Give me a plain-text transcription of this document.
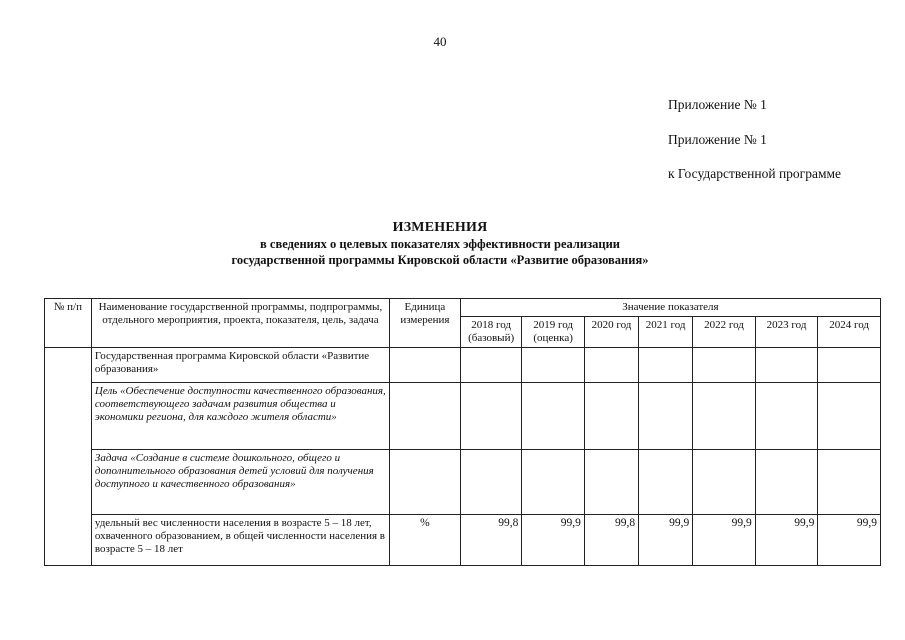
40
Приложение № 1
Приложение № 1
к Государственной программе
ИЗМЕНЕНИЯ
в сведениях о целевых показателях эффективности реализации
государственной программы Кировской области «Развитие образования»
№ п/п	Наименование государственной программы, подпрограммы, отдельного мероприятия, проекта, показателя, цель, задача	Единица измерения	Значение показателя						
			2018 год (базовый)	2019 год (оценка)	2020 год	2021 год	2022 год	2023 год	2024 год
	Государственная программа Кировской области «Развитие образования»								
	Цель «Обеспечение доступности качественного образования, соответствующего задачам развития общества и экономики региона, для каждого жителя области»								
	Задача «Создание в системе дошкольного, общего и дополнительного образования детей условий для получения доступного и качественного образования»								
	удельный вес численности населения в возрасте 5 – 18 лет, охваченного образованием, в общей численности населения в возрасте 5 – 18 лет	%	99,8	99,9	99,8	99,9	99,9	99,9	99,9
